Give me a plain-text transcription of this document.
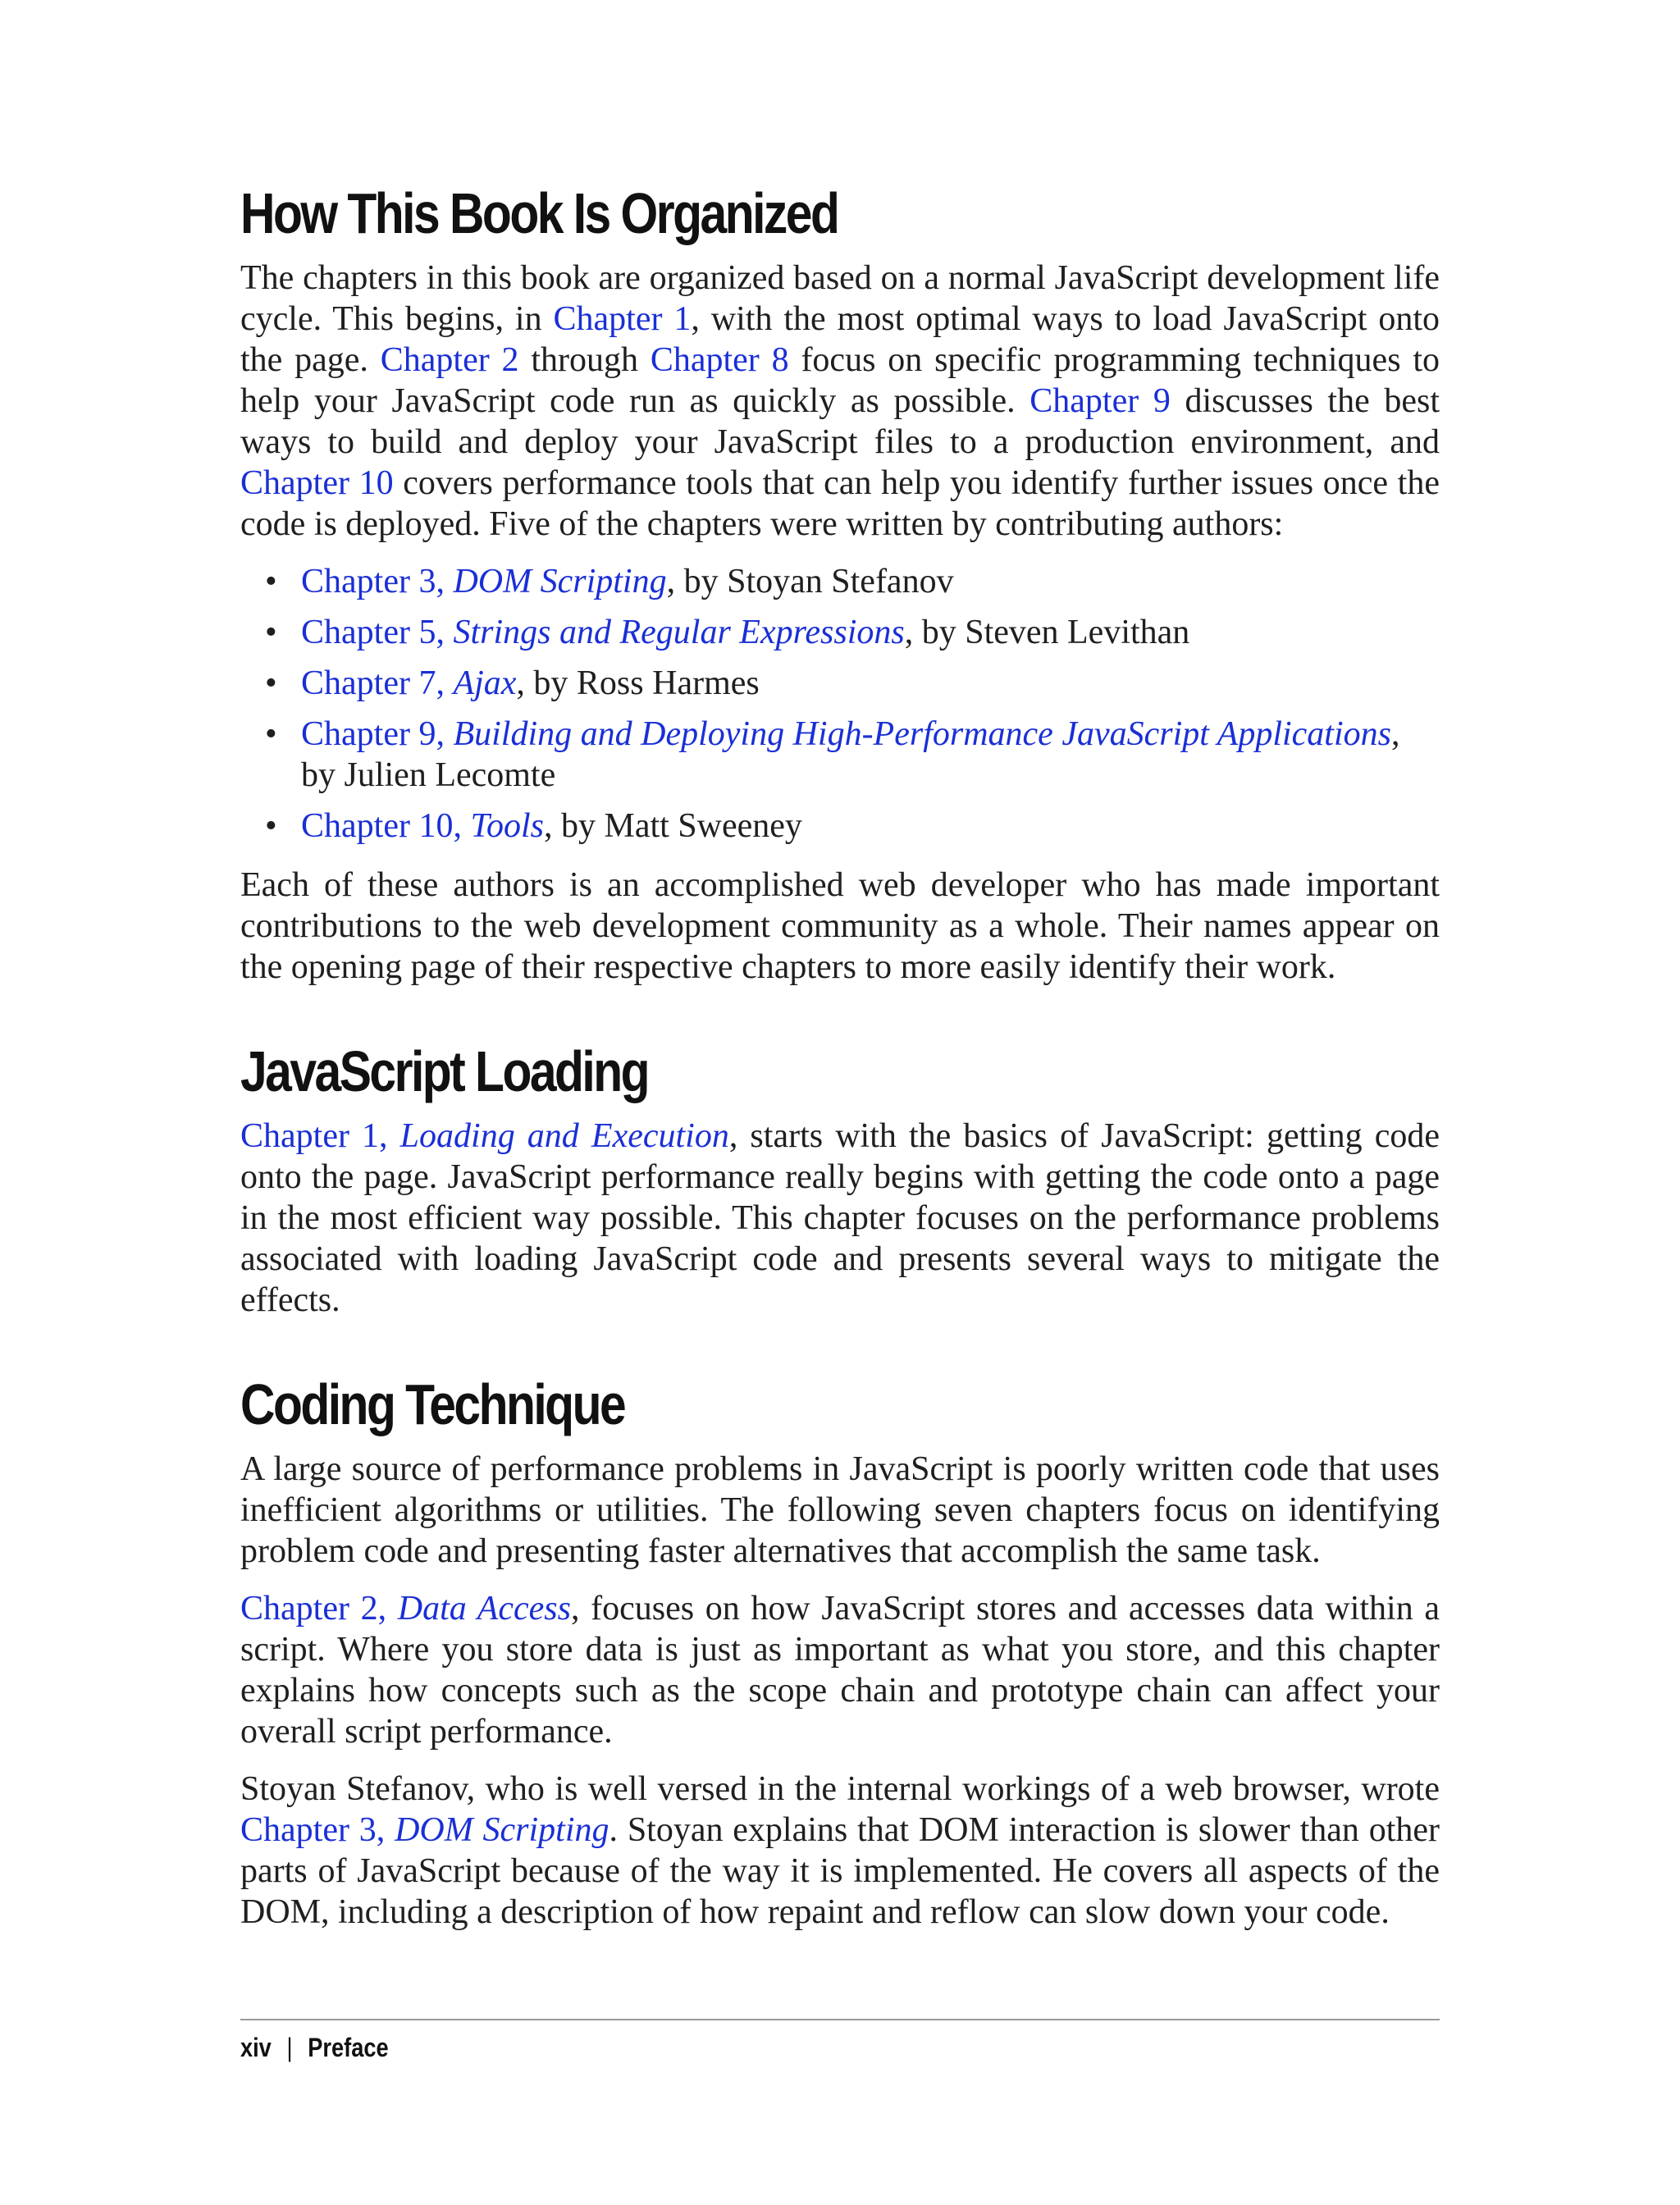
How This Book Is Organized

The chapters in this book are organized based on a normal JavaScript development life cycle. This begins, in Chapter 1, with the most optimal ways to load JavaScript onto the page. Chapter 2 through Chapter 8 focus on specific programming techniques to help your JavaScript code run as quickly as possible. Chapter 9 discusses the best ways to build and deploy your JavaScript files to a production environment, and Chapter 10 covers performance tools that can help you identify further issues once the code is deployed. Five of the chapters were written by contributing authors:

• Chapter 3, DOM Scripting, by Stoyan Stefanov
• Chapter 5, Strings and Regular Expressions, by Steven Levithan
• Chapter 7, Ajax, by Ross Harmes
• Chapter 9, Building and Deploying High-Performance JavaScript Applications, by Julien Lecomte
• Chapter 10, Tools, by Matt Sweeney

Each of these authors is an accomplished web developer who has made important contributions to the web development community as a whole. Their names appear on the opening page of their respective chapters to more easily identify their work.

JavaScript Loading

Chapter 1, Loading and Execution, starts with the basics of JavaScript: getting code onto the page. JavaScript performance really begins with getting the code onto a page in the most efficient way possible. This chapter focuses on the performance problems associated with loading JavaScript code and presents several ways to mitigate the effects.

Coding Technique

A large source of performance problems in JavaScript is poorly written code that uses inefficient algorithms or utilities. The following seven chapters focus on identifying problem code and presenting faster alternatives that accomplish the same task.

Chapter 2, Data Access, focuses on how JavaScript stores and accesses data within a script. Where you store data is just as important as what you store, and this chapter explains how concepts such as the scope chain and prototype chain can affect your overall script performance.

Stoyan Stefanov, who is well versed in the internal workings of a web browser, wrote Chapter 3, DOM Scripting. Stoyan explains that DOM interaction is slower than other parts of JavaScript because of the way it is implemented. He covers all aspects of the DOM, including a description of how repaint and reflow can slow down your code.

xiv | Preface
